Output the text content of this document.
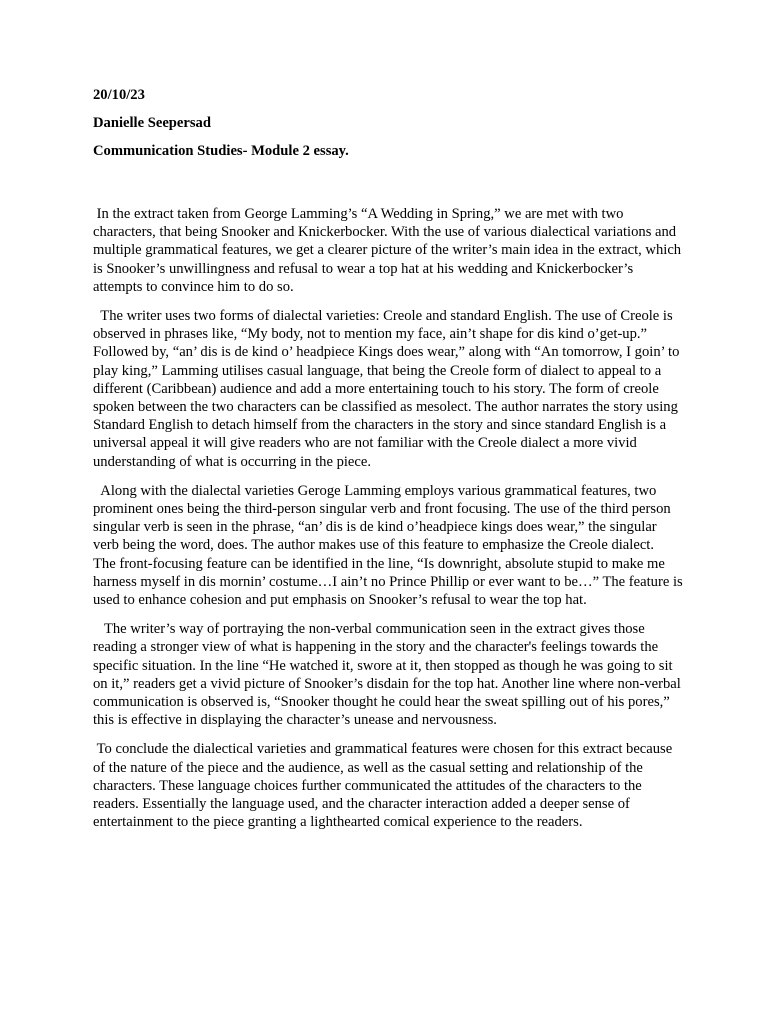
20/10/23
Danielle Seepersad
Communication Studies- Module 2 essay.

In the extract taken from George Lamming’s “A Wedding in Spring,” we are met with two characters, that being Snooker and Knickerbocker. With the use of various dialectical variations and multiple grammatical features, we get a clearer picture of the writer’s main idea in the extract, which is Snooker’s unwillingness and refusal to wear a top hat at his wedding and Knickerbocker’s attempts to convince him to do so.

The writer uses two forms of dialectal varieties: Creole and standard English. The use of Creole is observed in phrases like, “My body, not to mention my face, ain’t shape for dis kind o’get-up.” Followed by, “an’ dis is de kind o’ headpiece Kings does wear,” along with “An tomorrow, I goin’ to play king,” Lamming utilises casual language, that being the Creole form of dialect to appeal to a different (Caribbean) audience and add a more entertaining touch to his story. The form of creole spoken between the two characters can be classified as mesolect. The author narrates the story using Standard English to detach himself from the characters in the story and since standard English is a universal appeal it will give readers who are not familiar with the Creole dialect a more vivid understanding of what is occurring in the piece.

Along with the dialectal varieties Geroge Lamming employs various grammatical features, two prominent ones being the third-person singular verb and front focusing. The use of the third person singular verb is seen in the phrase, “an’ dis is de kind o’headpiece kings does wear,” the singular verb being the word, does. The author makes use of this feature to emphasize the Creole dialect.  The front-focusing feature can be identified in the line, “Is downright, absolute stupid to make me harness myself in dis mornin’ costume…I ain’t no Prince Phillip or ever want to be…” The feature is used to enhance cohesion and put emphasis on Snooker’s refusal to wear the top hat.

The writer’s way of portraying the non-verbal communication seen in the extract gives those reading a stronger view of what is happening in the story and the character's feelings towards the specific situation. In the line “He watched it, swore at it, then stopped as though he was going to sit on it,” readers get a vivid picture of Snooker’s disdain for the top hat. Another line where non-verbal communication is observed is, “Snooker thought he could hear the sweat spilling out of his pores,” this is effective in displaying the character’s unease and nervousness.

To conclude the dialectical varieties and grammatical features were chosen for this extract because of the nature of the piece and the audience, as well as the casual setting and relationship of the characters. These language choices further communicated the attitudes of the characters to the readers. Essentially the language used, and the character interaction added a deeper sense of entertainment to the piece granting a lighthearted comical experience to the readers.
